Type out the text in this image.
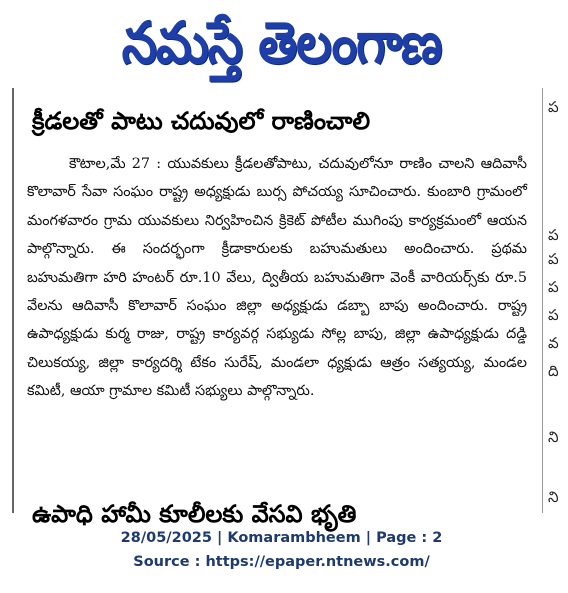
నమస్తే తెలంగాణ
క్రీడలతో పాటు చదువులో రాణించాలి
కౌటాల,మే 27 : యువకులు క్రీడలతోపాటు, చదువులోనూ రాణిం చాలని ఆదివాసీ కొలావార్ సేవా సంఘం రాష్ట్ర అధ్యక్షుడు బుర్స పోచయ్య సూచించారు. కుంబారి గ్రామంలో మంగళవారం గ్రామ యువకులు నిర్వహించిన క్రికెట్ పోటీల ముగింపు కార్యక్రమంలో ఆయన పాల్గొన్నారు. ఈ సందర్భంగా క్రీడాకారులకు బహుమతులు అందించారు. ప్రథమ బహుమతిగా హరి హంటర్ రూ.10 వేలు, ద్వితీయ బహుమతిగా వెంకీ వారియర్స్‌కు రూ.5 వేలను ఆదివాసీ కొలావార్ సంఘం జిల్లా అధ్యక్షుడు డబ్బా బాపు అందించారు. రాష్ట్ర ఉపాధ్యక్షుడు కుర్మ రాజు, రాష్ట్ర కార్యవర్గ సభ్యుడు సోల్ల బాపు, జిల్లా ఉపాధ్యక్షుడు దడ్డి చిలుకయ్య, జిల్లా కార్యదర్శి టేకం సురేష్, మండలా ధ్యక్షుడు ఆత్రం సత్యయ్య, మండల కమిటీ, ఆయా గ్రామాల కమిటీ సభ్యులు పాల్గొన్నారు.
ఉపాధి హామీ కూలీలకు వేసవి భృతి
ప
ప
ప
ప
ప
వ
ది
ని
ని
28/05/2025 | Komarambheem | Page : 2
Source : https://epaper.ntnews.com/
